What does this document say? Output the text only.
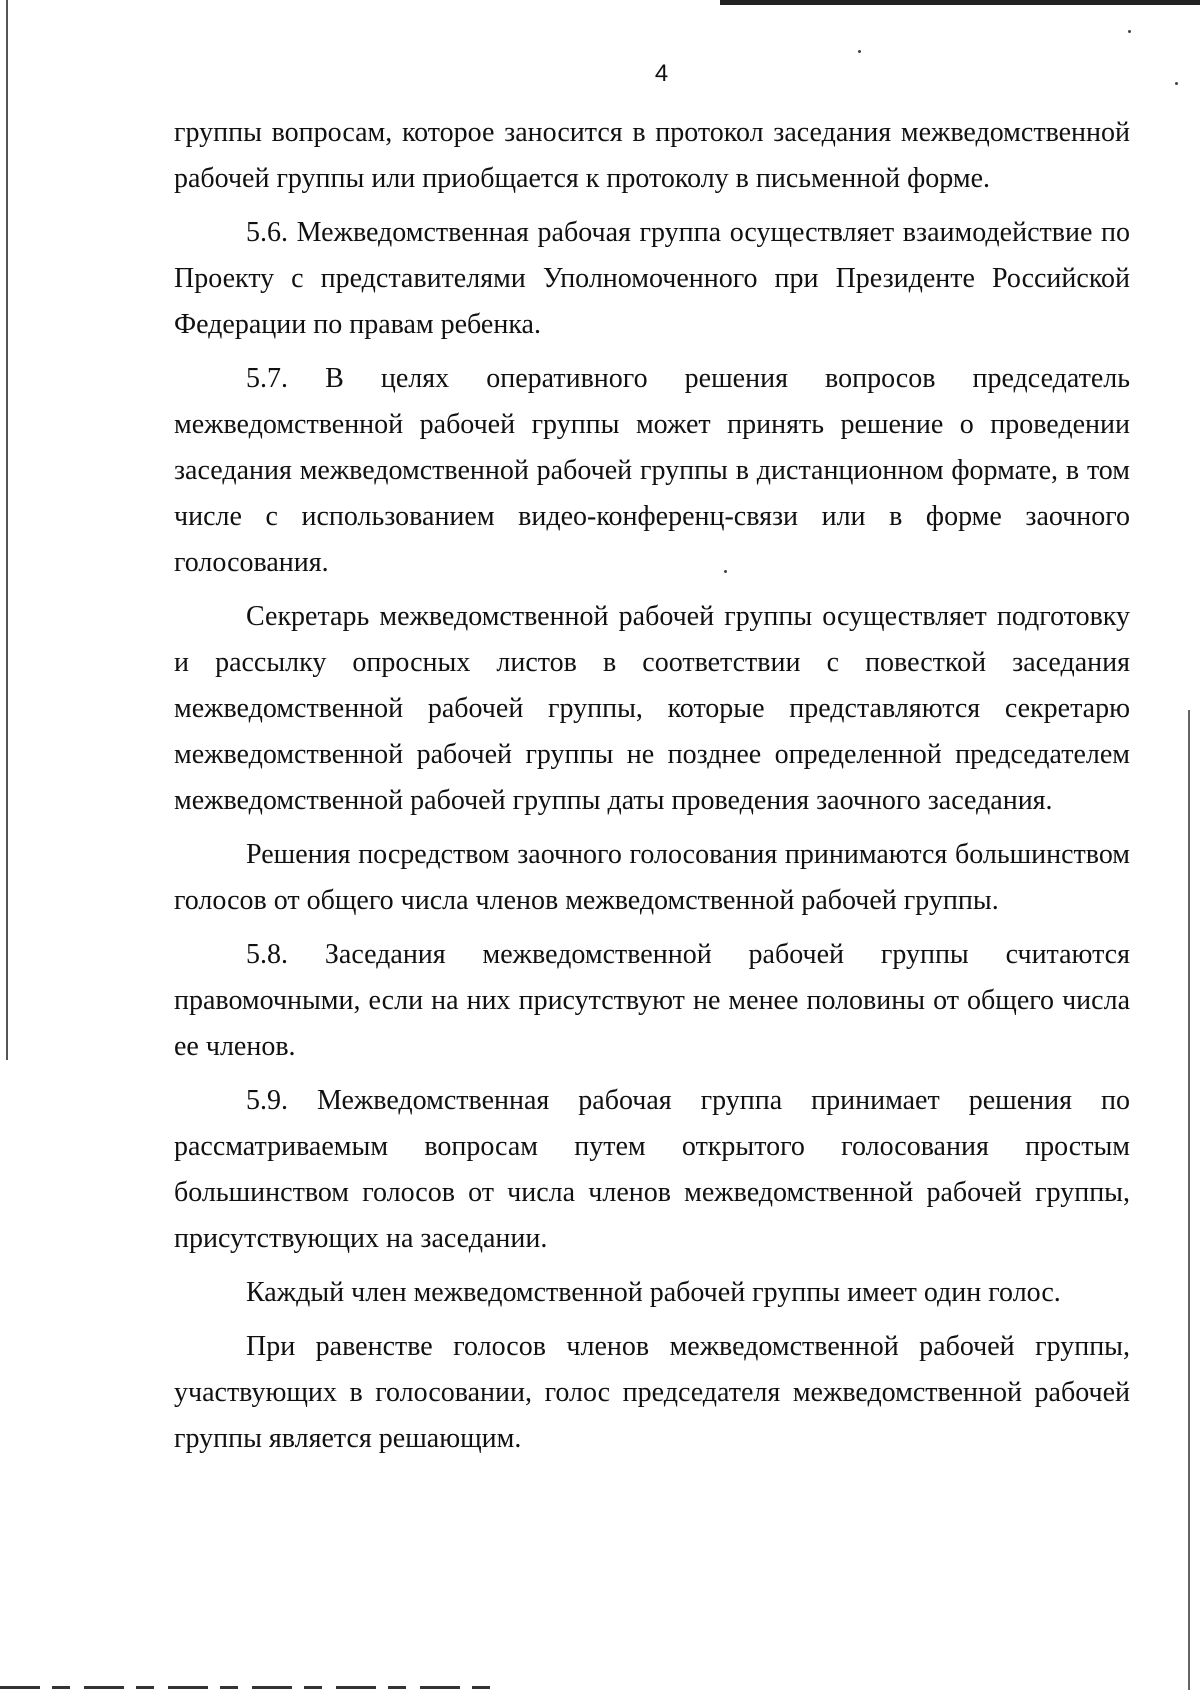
4

группы вопросам, которое заносится в протокол заседания межведомственной рабочей группы или приобщается к протоколу в письменной форме.

5.6. Межведомственная рабочая группа осуществляет взаимодействие по Проекту с представителями Уполномоченного при Президенте Российской Федерации по правам ребенка.

5.7. В целях оперативного решения вопросов председатель межведомственной рабочей группы может принять решение о проведении заседания межведомственной рабочей группы в дистанционном формате, в том числе с использованием видео-конференц-связи или в форме заочного голосования.

Секретарь межведомственной рабочей группы осуществляет подготовку и рассылку опросных листов в соответствии с повесткой заседания межведомственной рабочей группы, которые представляются секретарю межведомственной рабочей группы не позднее определенной председателем межведомственной рабочей группы даты проведения заочного заседания.

Решения посредством заочного голосования принимаются большинством голосов от общего числа членов межведомственной рабочей группы.

5.8. Заседания межведомственной рабочей группы считаются правомочными, если на них присутствуют не менее половины от общего числа ее членов.

5.9. Межведомственная рабочая группа принимает решения по рассматриваемым вопросам путем открытого голосования простым большинством голосов от числа членов межведомственной рабочей группы, присутствующих на заседании.

Каждый член межведомственной рабочей группы имеет один голос.

При равенстве голосов членов межведомственной рабочей группы, участвующих в голосовании, голос председателя межведомственной рабочей группы является решающим.
